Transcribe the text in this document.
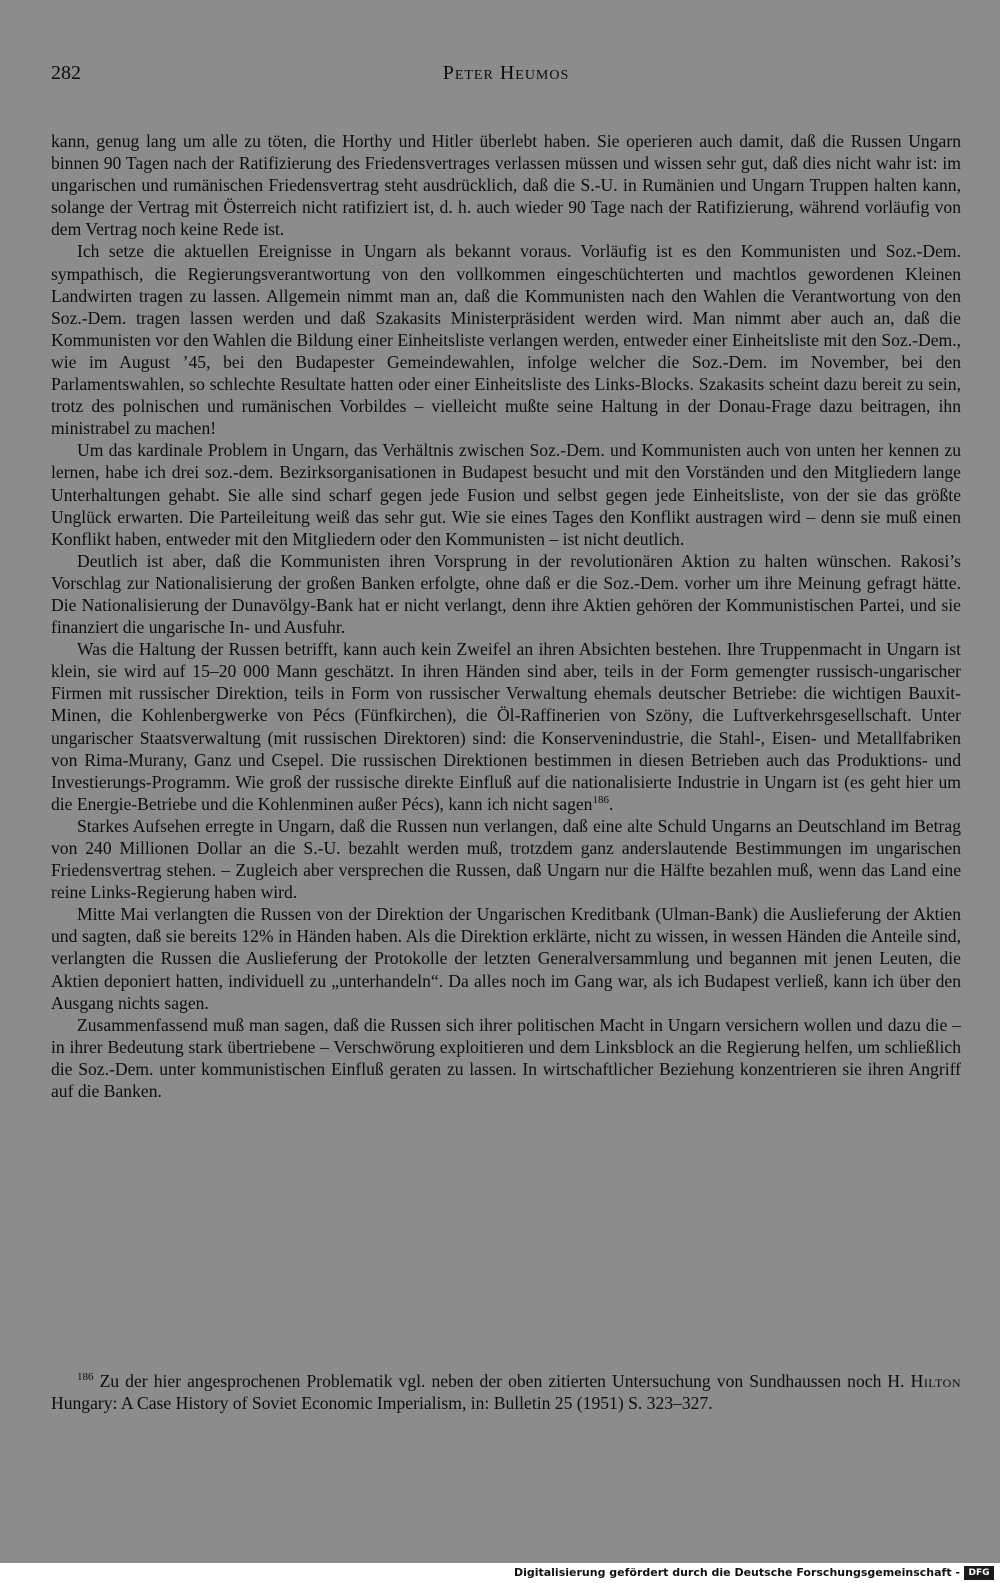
282	Peter Heumos

kann, genug lang um alle zu töten, die Horthy und Hitler überlebt haben. Sie operieren auch damit, daß die Russen Ungarn binnen 90 Tagen nach der Ratifizierung des Friedensvertrages verlassen müssen und wissen sehr gut, daß dies nicht wahr ist: im ungarischen und rumänischen Friedensvertrag steht ausdrücklich, daß die S.-U. in Rumänien und Ungarn Truppen halten kann, solange der Vertrag mit Österreich nicht ratifiziert ist, d. h. auch wieder 90 Tage nach der Ratifizierung, während vorläufig von dem Vertrag noch keine Rede ist.

Ich setze die aktuellen Ereignisse in Ungarn als bekannt voraus. Vorläufig ist es den Kommunisten und Soz.-Dem. sympathisch, die Regierungsverantwortung von den vollkommen eingeschüchterten und machtlos gewordenen Kleinen Landwirten tragen zu lassen. Allgemein nimmt man an, daß die Kommunisten nach den Wahlen die Verantwortung von den Soz.-Dem. tragen lassen werden und daß Szakasits Ministerpräsident werden wird. Man nimmt aber auch an, daß die Kommunisten vor den Wahlen die Bildung einer Einheitsliste verlangen werden, entweder einer Einheitsliste mit den Soz.-Dem., wie im August ’45, bei den Budapester Gemeindewahlen, infolge welcher die Soz.-Dem. im November, bei den Parlamentswahlen, so schlechte Resultate hatten oder einer Einheitsliste des Links-Blocks. Szakasits scheint dazu bereit zu sein, trotz des polnischen und rumänischen Vorbildes – vielleicht mußte seine Haltung in der Donau-Frage dazu beitragen, ihn ministrabel zu machen!

Um das kardinale Problem in Ungarn, das Verhältnis zwischen Soz.-Dem. und Kommunisten auch von unten her kennen zu lernen, habe ich drei soz.-dem. Bezirksorganisationen in Budapest besucht und mit den Vorständen und den Mitgliedern lange Unterhaltungen gehabt. Sie alle sind scharf gegen jede Fusion und selbst gegen jede Einheitsliste, von der sie das größte Unglück erwarten. Die Parteileitung weiß das sehr gut. Wie sie eines Tages den Konflikt austragen wird – denn sie muß einen Konflikt haben, entweder mit den Mitgliedern oder den Kommunisten – ist nicht deutlich.

Deutlich ist aber, daß die Kommunisten ihren Vorsprung in der revolutionären Aktion zu halten wünschen. Rakosi’s Vorschlag zur Nationalisierung der großen Banken erfolgte, ohne daß er die Soz.-Dem. vorher um ihre Meinung gefragt hätte. Die Nationalisierung der Dunavölgy-Bank hat er nicht verlangt, denn ihre Aktien gehören der Kommunistischen Partei, und sie finanziert die ungarische In- und Ausfuhr.

Was die Haltung der Russen betrifft, kann auch kein Zweifel an ihren Absichten bestehen. Ihre Truppenmacht in Ungarn ist klein, sie wird auf 15–20 000 Mann geschätzt. In ihren Händen sind aber, teils in der Form gemengter russisch-ungarischer Firmen mit russischer Direktion, teils in Form von russischer Verwaltung ehemals deutscher Betriebe: die wichtigen Bauxit-Minen, die Kohlenbergwerke von Pécs (Fünfkirchen), die Öl-Raffinerien von Szöny, die Luftverkehrsgesellschaft. Unter ungarischer Staatsverwaltung (mit russischen Direktoren) sind: die Konservenindustrie, die Stahl-, Eisen- und Metallfabriken von Rima-Murany, Ganz und Csepel. Die russischen Direktionen bestimmen in diesen Betrieben auch das Produktions- und Investierungs-Programm. Wie groß der russische direkte Einfluß auf die nationalisierte Industrie in Ungarn ist (es geht hier um die Energie-Betriebe und die Kohlenminen außer Pécs), kann ich nicht sagen$^{186}$.

Starkes Aufsehen erregte in Ungarn, daß die Russen nun verlangen, daß eine alte Schuld Ungarns an Deutschland im Betrag von 240 Millionen Dollar an die S.-U. bezahlt werden muß, trotzdem ganz anderslautende Bestimmungen im ungarischen Friedensvertrag stehen. – Zugleich aber versprechen die Russen, daß Ungarn nur die Hälfte bezahlen muß, wenn das Land eine reine Links-Regierung haben wird.

Mitte Mai verlangten die Russen von der Direktion der Ungarischen Kreditbank (Ulman-Bank) die Auslieferung der Aktien und sagten, daß sie bereits 12% in Händen haben. Als die Direktion erklärte, nicht zu wissen, in wessen Händen die Anteile sind, verlangten die Russen die Auslieferung der Protokolle der letzten Generalversammlung und begannen mit jenen Leuten, die Aktien deponiert hatten, individuell zu „unterhandeln“. Da alles noch im Gang war, als ich Budapest verließ, kann ich über den Ausgang nichts sagen.

Zusammenfassend muß man sagen, daß die Russen sich ihrer politischen Macht in Ungarn versichern wollen und dazu die – in ihrer Bedeutung stark übertriebene – Verschwörung exploitieren und dem Linksblock an die Regierung helfen, um schließlich die Soz.-Dem. unter kommunistischen Einfluß geraten zu lassen. In wirtschaftlicher Beziehung konzentrieren sie ihren Angriff auf die Banken.

$^{186}$ Zu der hier angesprochenen Problematik vgl. neben der oben zitierten Untersuchung von Sundhaussen noch H. Hilton Hungary: A Case History of Soviet Economic Imperialism, in: Bulletin 25 (1951) S. 323–327.

Digitalisierung gefördert durch die Deutsche Forschungsgemeinschaft - DFG
